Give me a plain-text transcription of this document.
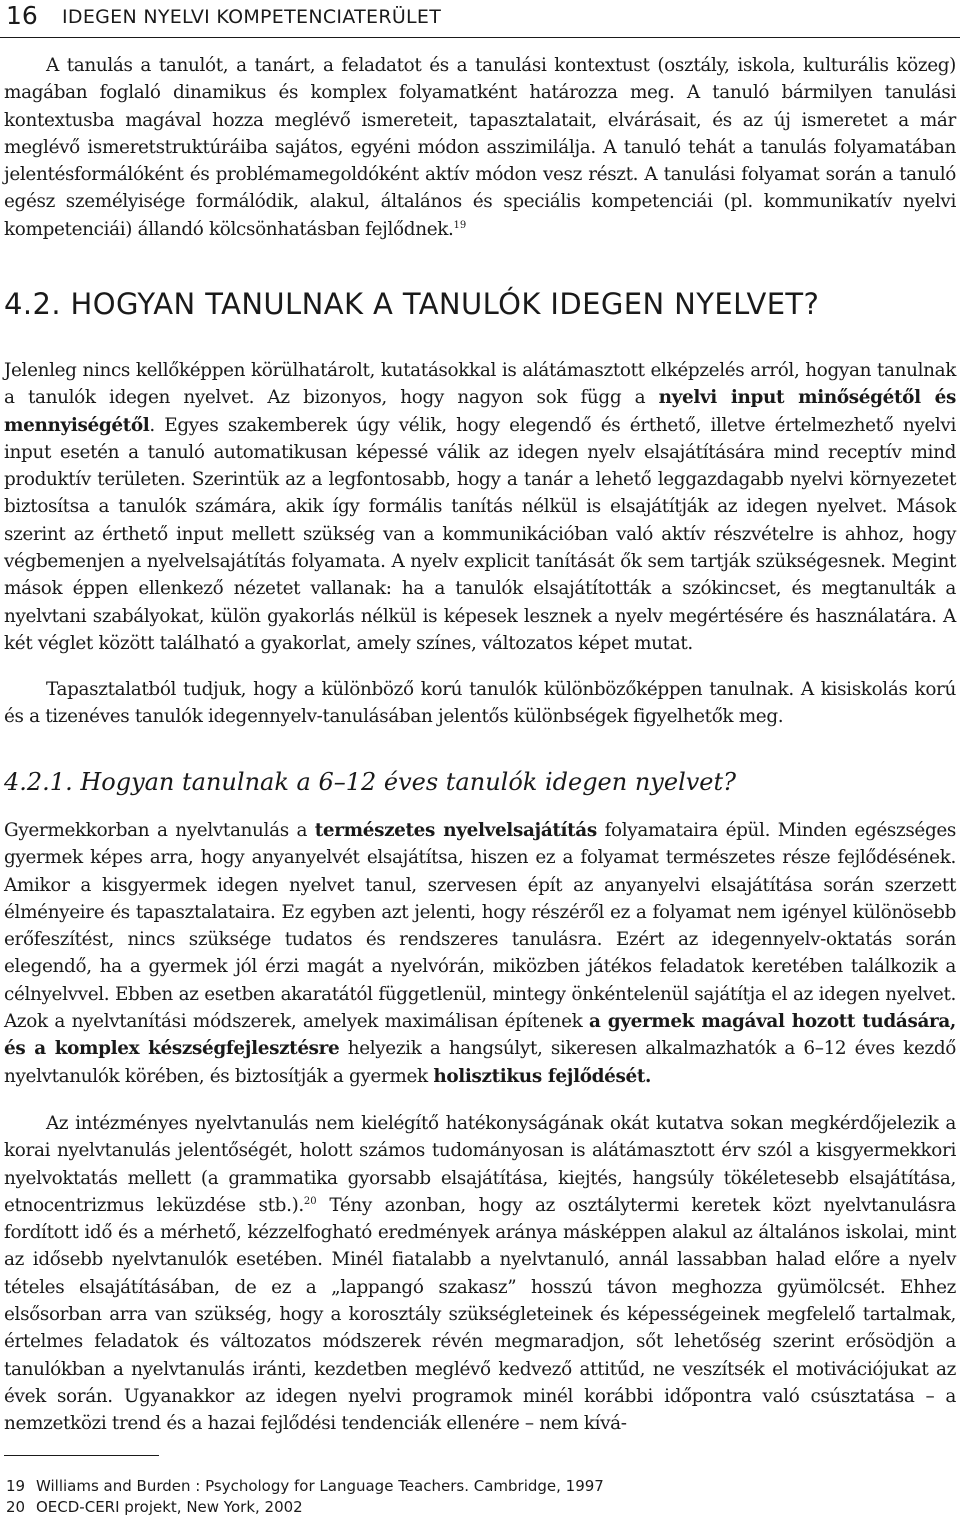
16 IDEGEN NYELVI KOMPETENCIATERÜLET

A tanulás a tanulót, a tanárt, a feladatot és a tanulási kontextust (osztály, iskola, kulturális közeg) magában foglaló dinamikus és komplex folyamatként határozza meg. A tanuló bármilyen tanulási kontextusba magával hozza meglévő ismereteit, tapasztalatait, elvárásait, és az új ismeretet a már meglévő ismeretstruktúráiba sajátos, egyéni módon asszimilálja. A tanuló tehát a tanulás folyamatában jelentésformálóként és problémamegoldóként aktív módon vesz részt. A tanulási folyamat során a tanuló egész személyisége formálódik, alakul, általános és speciális kompetenciái (pl. kommunikatív nyelvi kompetenciái) állandó kölcsönhatásban fejlődnek.$^{19}$

4.2. HOGYAN TANULNAK A TANULÓK IDEGEN NYELVET?

Jelenleg nincs kellőképpen körülhatárolt, kutatásokkal is alátámasztott elképzelés arról, hogyan tanulnak a tanulók idegen nyelvet. Az bizonyos, hogy nagyon sok függ a nyelvi input minőségétől és mennyiségétől. Egyes szakemberek úgy vélik, hogy elegendő és érthető, illetve értelmezhető nyelvi input esetén a tanuló automatikusan képessé válik az idegen nyelv elsajátítására mind receptív mind produktív területen. Szerintük az a legfontosabb, hogy a tanár a lehető leggazdagabb nyelvi környezetet biztosítsa a tanulók számára, akik így formális tanítás nélkül is elsajátítják az idegen nyelvet. Mások szerint az érthető input mellett szükség van a kommunikációban való aktív részvételre is ahhoz, hogy végbemenjen a nyelvelsajátítás folyamata. A nyelv explicit tanítását ők sem tartják szükségesnek. Megint mások éppen ellenkező nézetet vallanak: ha a tanulók elsajátították a szókincset, és megtanulták a nyelvtani szabályokat, külön gyakorlás nélkül is képesek lesznek a nyelv megértésére és használatára. A két véglet között található a gyakorlat, amely színes, változatos képet mutat.

Tapasztalatból tudjuk, hogy a különböző korú tanulók különbözőképpen tanulnak. A kisiskolás korú és a tizenéves tanulók idegennyelv-tanulásában jelentős különbségek figyelhetők meg.

4.2.1. Hogyan tanulnak a 6–12 éves tanulók idegen nyelvet?

Gyermekkorban a nyelvtanulás a természetes nyelvelsajátítás folyamataira épül. Minden egészséges gyermek képes arra, hogy anyanyelvét elsajátítsa, hiszen ez a folyamat természetes része fejlődésének. Amikor a kisgyermek idegen nyelvet tanul, szervesen épít az anyanyelvi elsajátítása során szerzett élményeire és tapasztalataira. Ez egyben azt jelenti, hogy részéről ez a folyamat nem igényel különösebb erőfeszítést, nincs szüksége tudatos és rendszeres tanulásra. Ezért az idegennyelv-oktatás során elegendő, ha a gyermek jól érzi magát a nyelvórán, miközben játékos feladatok keretében találkozik a célnyelvvel. Ebben az esetben akaratától függetlenül, mintegy önkéntelenül sajátítja el az idegen nyelvet. Azok a nyelvtanítási módszerek, amelyek maximálisan építenek a gyermek magával hozott tudására, és a komplex készségfejlesztésre helyezik a hangsúlyt, sikeresen alkalmazhatók a 6–12 éves kezdő nyelvtanulók körében, és biztosítják a gyermek holisztikus fejlődését.

Az intézményes nyelvtanulás nem kielégítő hatékonyságának okát kutatva sokan megkérdőjelezik a korai nyelvtanulás jelentőségét, holott számos tudományosan is alátámasztott érv szól a kisgyermekkori nyelvoktatás mellett (a grammatika gyorsabb elsajátítása, kiejtés, hangsúly tökéletesebb elsajátítása, etnocentrizmus leküzdése stb.).$^{20}$ Tény azonban, hogy az osztálytermi keretek közt nyelvtanulásra fordított idő és a mérhető, kézzelfogható eredmények aránya másképpen alakul az általános iskolai, mint az idősebb nyelvtanulók esetében. Minél fiatalabb a nyelvtanuló, annál lassabban halad előre a nyelv tételes elsajátításában, de ez a „lappangó szakasz” hosszú távon meghozza gyümölcsét. Ehhez elsősorban arra van szükség, hogy a korosztály szükségleteinek és képességeinek megfelelő tartalmak, értelmes feladatok és változatos módszerek révén megmaradjon, sőt lehetőség szerint erősödjön a tanulókban a nyelvtanulás iránti, kezdetben meglévő kedvező attitűd, ne veszítsék el motivációjukat az évek során. Ugyanakkor az idegen nyelvi programok minél korábbi időpontra való csúsztatása – a nemzetközi trend és a hazai fejlődési tendenciák ellenére – nem kívá-

19 Williams and Burden : Psychology for Language Teachers. Cambridge, 1997

20 OECD-CERI projekt, New York, 2002
